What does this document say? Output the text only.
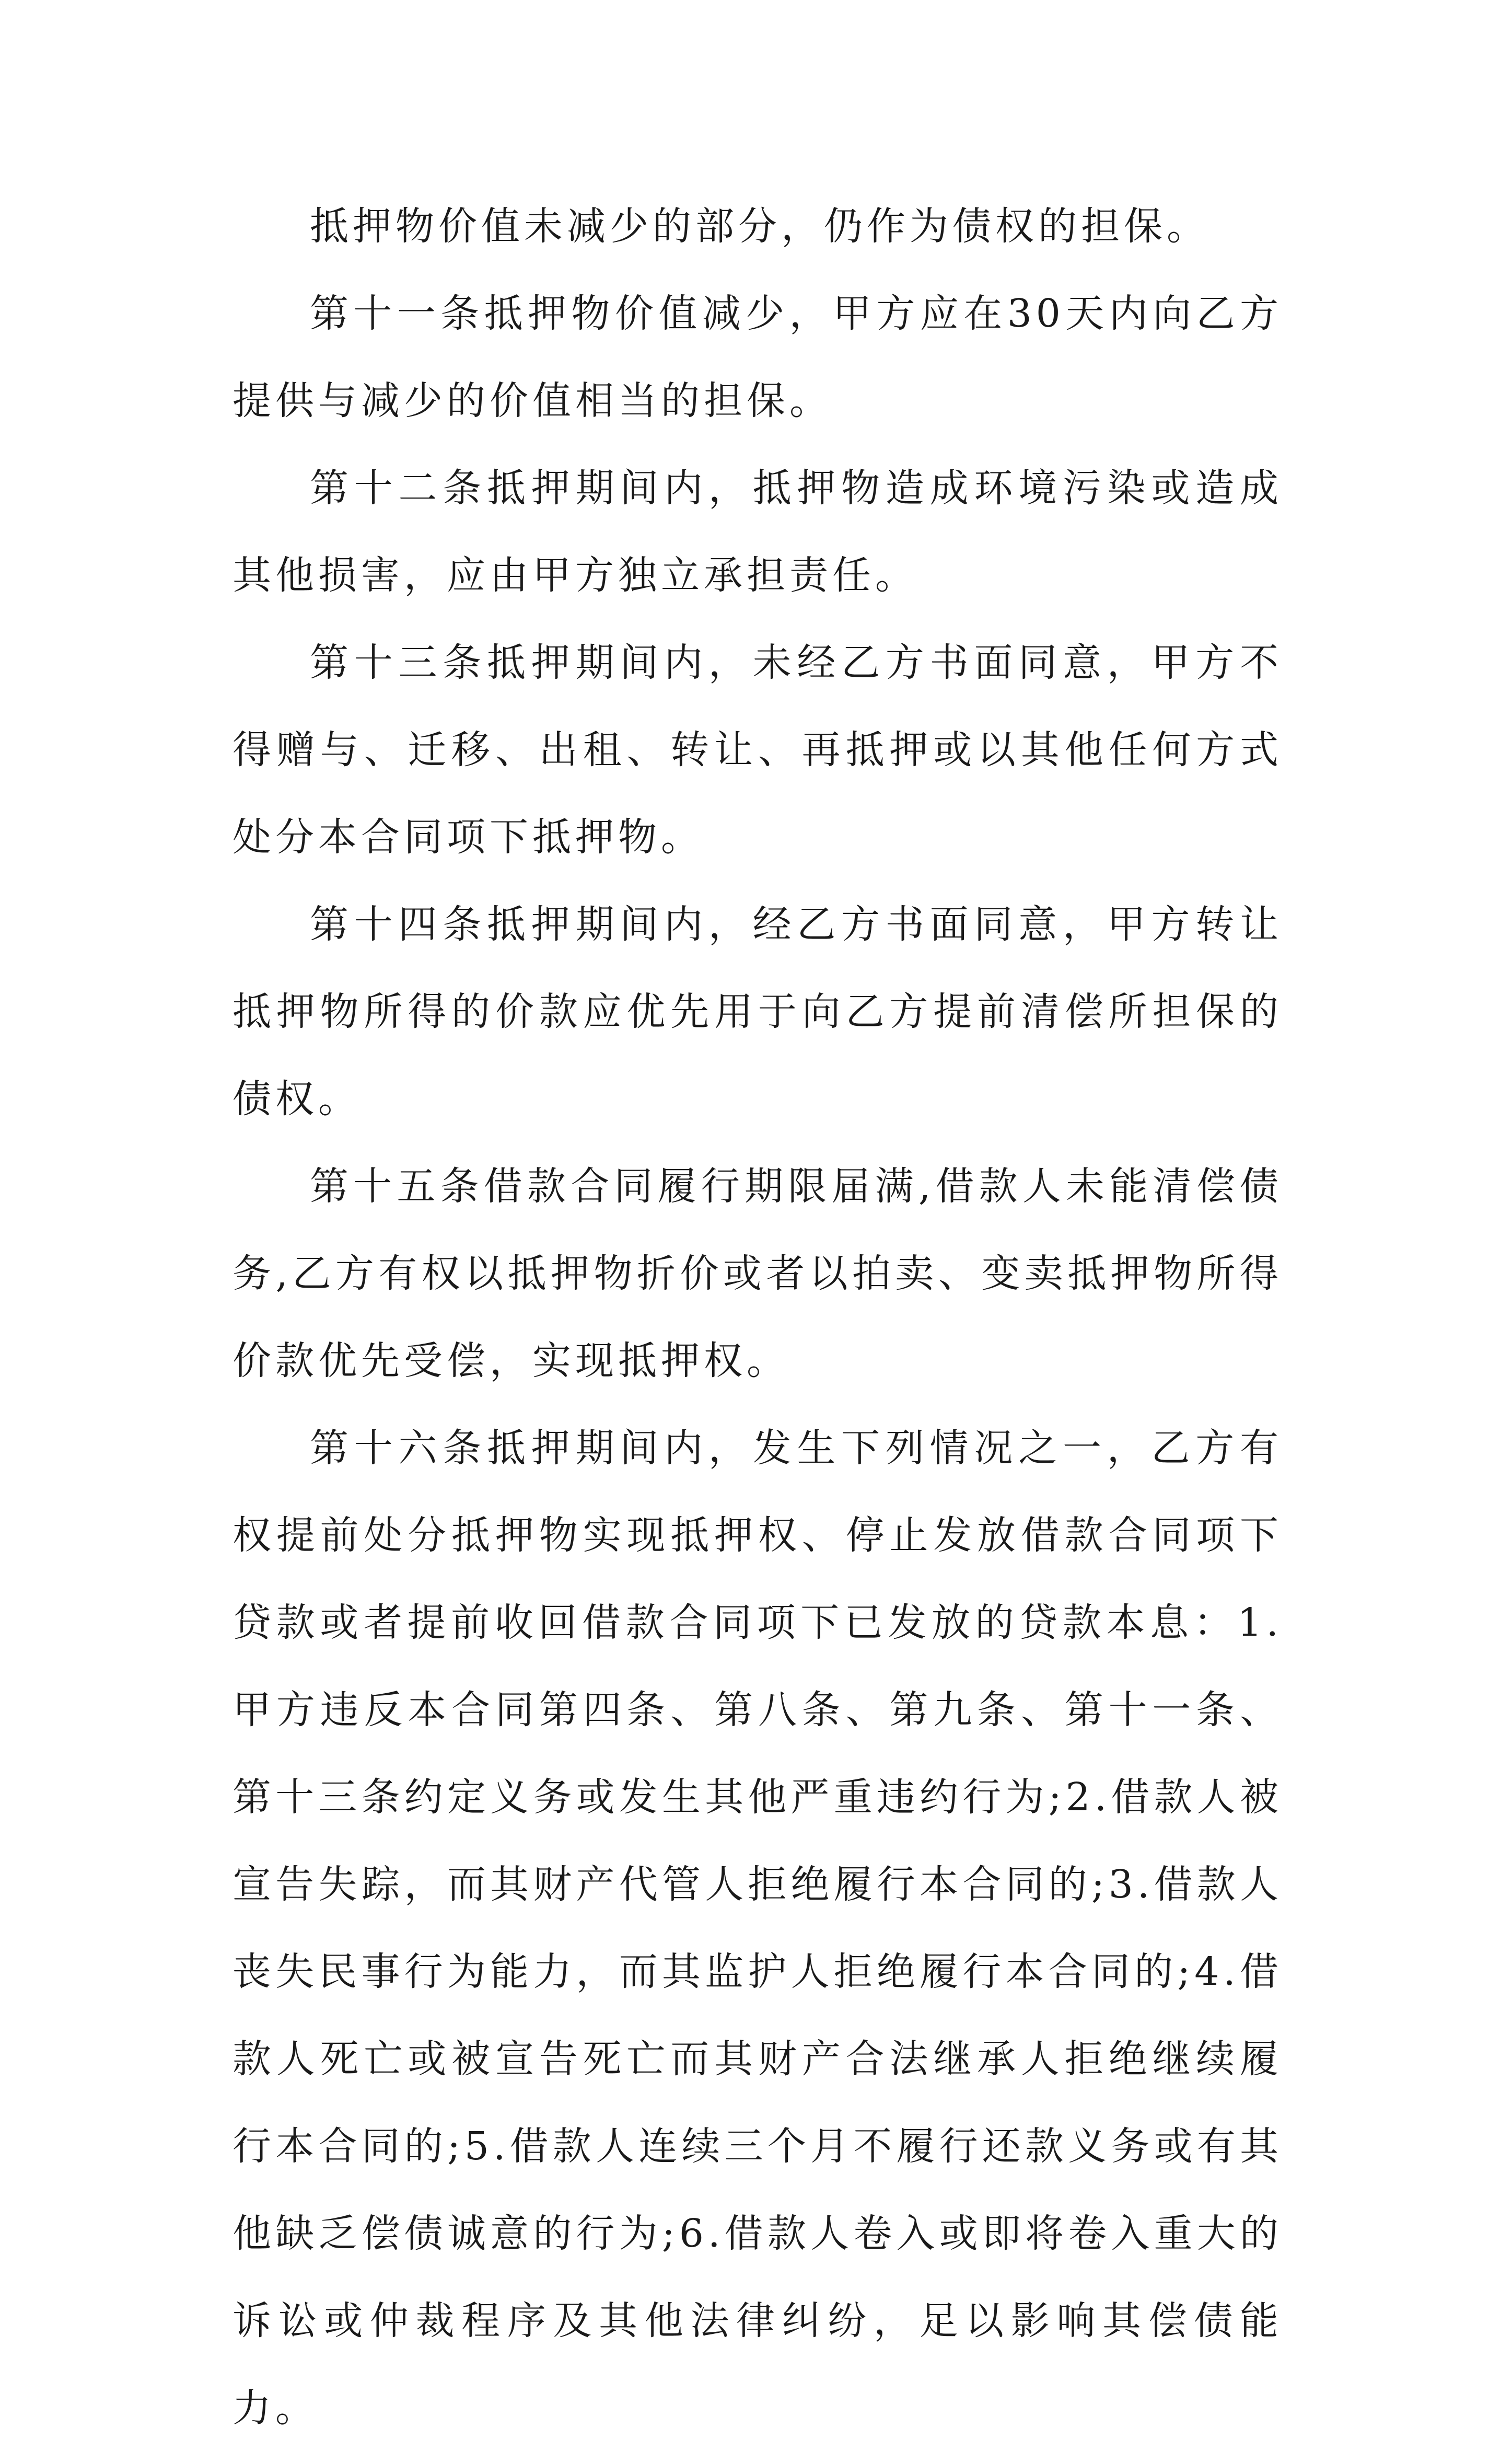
抵押物价值未减少的部分，仍作为债权的担保。

第十一条抵押物价值减少，甲方应在30天内向乙方提供与减少的价值相当的担保。

第十二条抵押期间内，抵押物造成环境污染或造成其他损害，应由甲方独立承担责任。

第十三条抵押期间内，未经乙方书面同意，甲方不得赠与、迁移、出租、转让、再抵押或以其他任何方式处分本合同项下抵押物。

第十四条抵押期间内，经乙方书面同意，甲方转让抵押物所得的价款应优先用于向乙方提前清偿所担保的债权。

第十五条借款合同履行期限届满,借款人未能清偿债务,乙方有权以抵押物折价或者以拍卖、变卖抵押物所得价款优先受偿，实现抵押权。

第十六条抵押期间内，发生下列情况之一，乙方有权提前处分抵押物实现抵押权、停止发放借款合同项下贷款或者提前收回借款合同项下已发放的贷款本息：1.甲方违反本合同第四条、第八条、第九条、第十一条、第十三条约定义务或发生其他严重违约行为;2.借款人被宣告失踪，而其财产代管人拒绝履行本合同的;3.借款人丧失民事行为能力，而其监护人拒绝履行本合同的;4.借款人死亡或被宣告死亡而其财产合法继承人拒绝继续履行本合同的;5.借款人连续三个月不履行还款义务或有其他缺乏偿债诚意的行为;6.借款人卷入或即将卷入重大的诉讼或仲裁程序及其他法律纠纷，足以影响其偿债能力。
